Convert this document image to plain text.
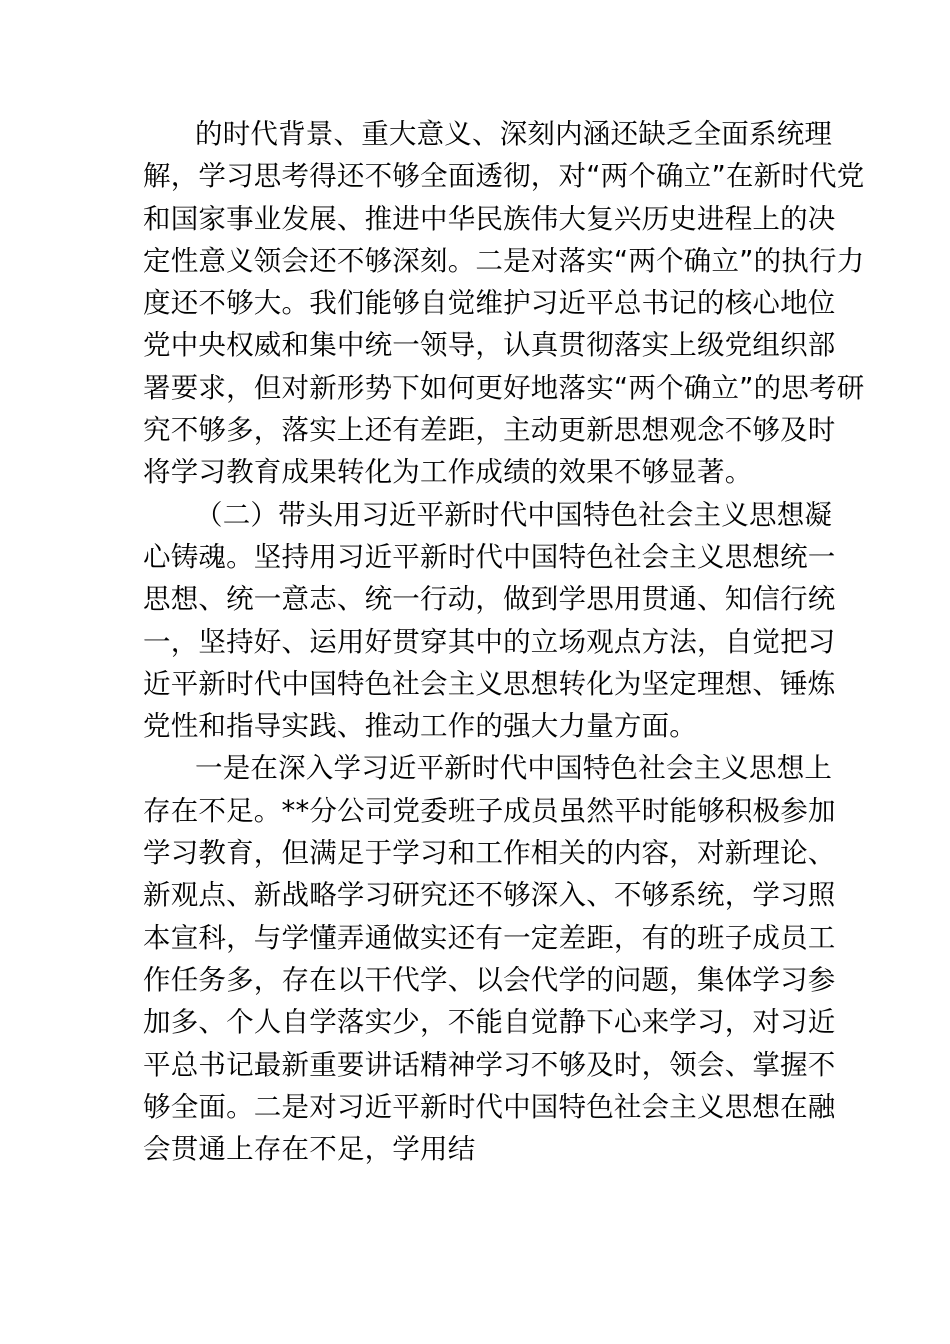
的时代背景、重大意义、深刻内涵还缺乏全面系统理
解，学习思考得还不够全面透彻，对“两个确立”在新时代党
和国家事业发展、推进中华民族伟大复兴历史进程上的决
定性意义领会还不够深刻。二是对落实“两个确立”的执行力
度还不够大。我们能够自觉维护习近平总书记的核心地位
党中央权威和集中统一领导，认真贯彻落实上级党组织部
署要求，但对新形势下如何更好地落实“两个确立”的思考研
究不够多，落实上还有差距，主动更新思想观念不够及时
将学习教育成果转化为工作成绩的效果不够显著。
（二）带头用习近平新时代中国特色社会主义思想凝
心铸魂。坚持用习近平新时代中国特色社会主义思想统一
思想、统一意志、统一行动，做到学思用贯通、知信行统
一，坚持好、运用好贯穿其中的立场观点方法，自觉把习
近平新时代中国特色社会主义思想转化为坚定理想、锤炼
党性和指导实践、推动工作的强大力量方面。
一是在深入学习近平新时代中国特色社会主义思想上
存在不足。**分公司党委班子成员虽然平时能够积极参加
学习教育，但满足于学习和工作相关的内容，对新理论、
新观点、新战略学习研究还不够深入、不够系统，学习照
本宣科，与学懂弄通做实还有一定差距，有的班子成员工
作任务多，存在以干代学、以会代学的问题，集体学习参
加多、个人自学落实少，不能自觉静下心来学习，对习近
平总书记最新重要讲话精神学习不够及时，领会、掌握不
够全面。二是对习近平新时代中国特色社会主义思想在融
会贯通上存在不足，学用结
